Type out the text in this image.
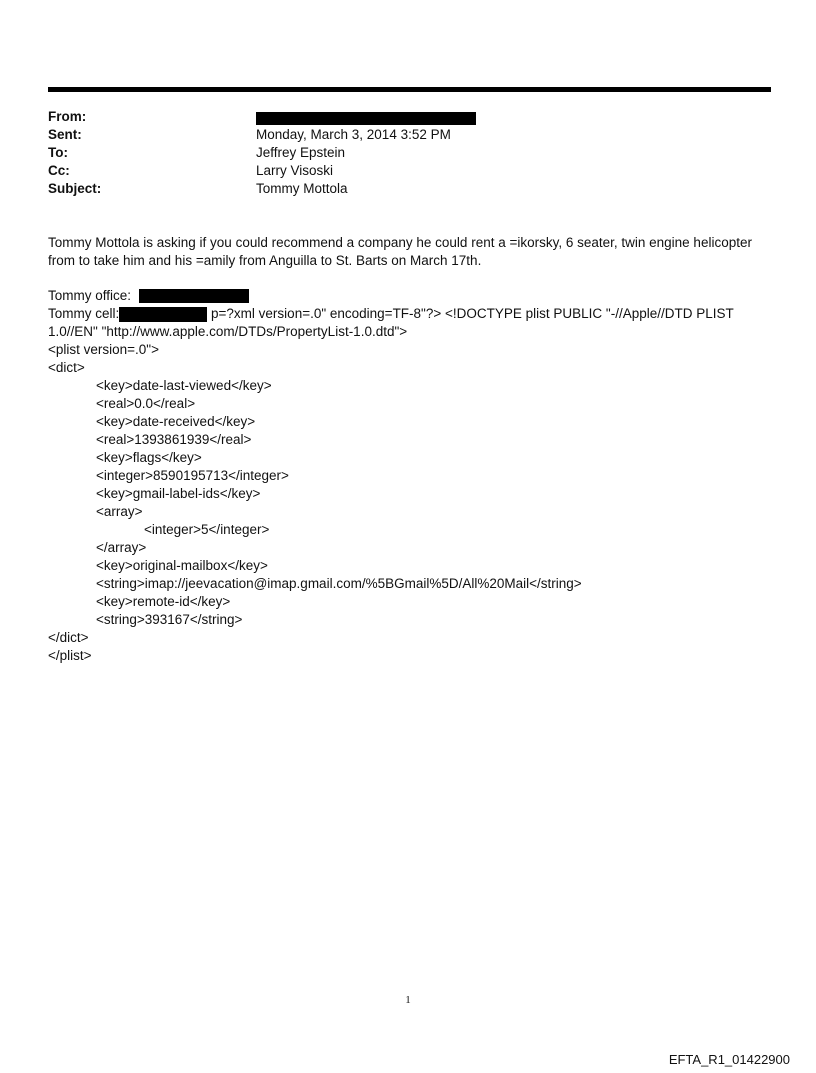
From:
Sent:	Monday, March 3, 2014 3:52 PM
To:	Jeffrey Epstein
Cc:	Larry Visoski
Subject:	Tommy Mottola
Tommy Mottola is asking if you could recommend a company he could rent a =ikorsky, 6 seater, twin engine helicopter from to take him and his =amily from Anguilla to St. Barts on March 17th.
Tommy office:
Tommy cell:	p=?xml version=.0" encoding=TF-8"?> <!DOCTYPE plist PUBLIC "-//Apple//DTD PLIST
1.0//EN" "http://www.apple.com/DTDs/PropertyList-1.0.dtd">
<plist version=.0">
<dict>
<key>date-last-viewed</key>
<real>0.0</real>
<key>date-received</key>
<real>1393861939</real>
<key>flags</key>
<integer>8590195713</integer>
<key>gmail-label-ids</key>
<array>
<integer>5</integer>
</array>
<key>original-mailbox</key>
<string>imap://jeevacation@imap.gmail.com/%5BGmail%5D/All%20Mail</string>
<key>remote-id</key>
<string>393167</string>
</dict>
</plist>
1
EFTA_R1_01422900
